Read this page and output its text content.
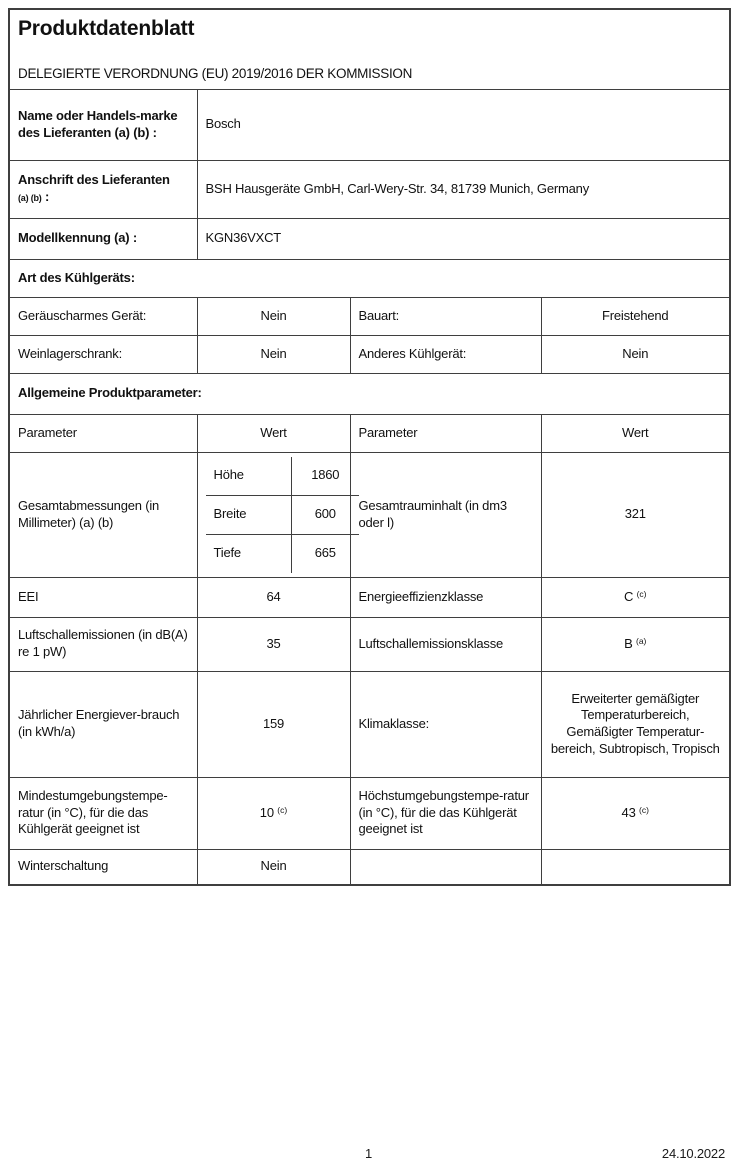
Produktdatenblatt
DELEGIERTE VERORDNUNG (EU) 2019/2016 DER KOMMISSION

Name oder Handels-marke des Lieferanten (a) (b) :	Bosch

Anschrift des Lieferanten
(a) (b) :	BSH Hausgeräte GmbH, Carl-Wery-Str. 34, 81739 Munich, Germany
Modellkennung (a) :	KGN36VXCT
Art des Kühlgeräts:
Geräuscharmes Gerät:	Nein	Bauart:	Freistehend
Weinlagerschrank:	Nein	Anderes Kühlgerät:	Nein
Allgemeine Produktparameter:
Parameter	Wert	Parameter	Wert
Gesamtabmessungen (in Millimeter) (a) (b)	
Höhe	1860
Breite	600
Tiefe	665
	Gesamtrauminhalt (in dm3 oder l)	321
EEI	64	Energieeffizienzklasse	C $^{(c)}$
Luftschallemissionen (in dB(A) re 1 pW)	35	Luftschallemissionsklasse	B $^{(a)}$
Jährlicher Energiever-brauch (in kWh/a)	159	Klimaklasse:	Erweiterter gemäßigter Temperaturbereich, Gemäßigter Temperatur-bereich, Subtropisch, Tropisch
Mindestumgebungstempe-ratur (in °C), für die das Kühlgerät geeignet ist	10 $^{(c)}$	Höchstumgebungstempe-ratur (in °C), für die das Kühlgerät geeignet ist	43 $^{(c)}$
Winterschaltung	Nein		
1	24.10.2022
